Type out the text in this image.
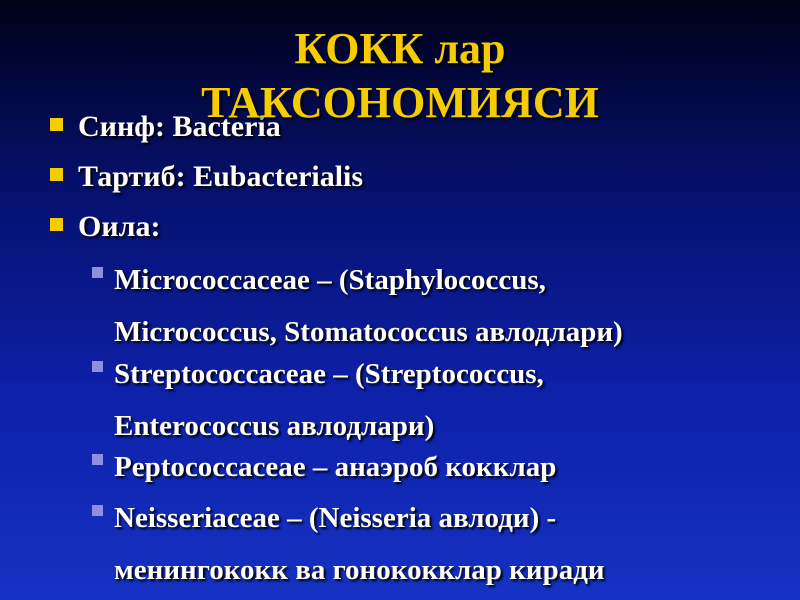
Синф: Bacteria
Тартиб: Eubacterialis
Оила:
Micrococcaceae – (Staphylococcus,
Micrococcus, Stomatococcus авлодлари)
Streptococcaceae – (Streptococcus,
Enterococcus авлодлари)
Peptococcaceae – анаэроб кокклар
Neisseriaceae – (Neisseria авлоди) -
менингококк ва гонококклар киради
КОКК лар
ТАКСОНОМИЯСИ
